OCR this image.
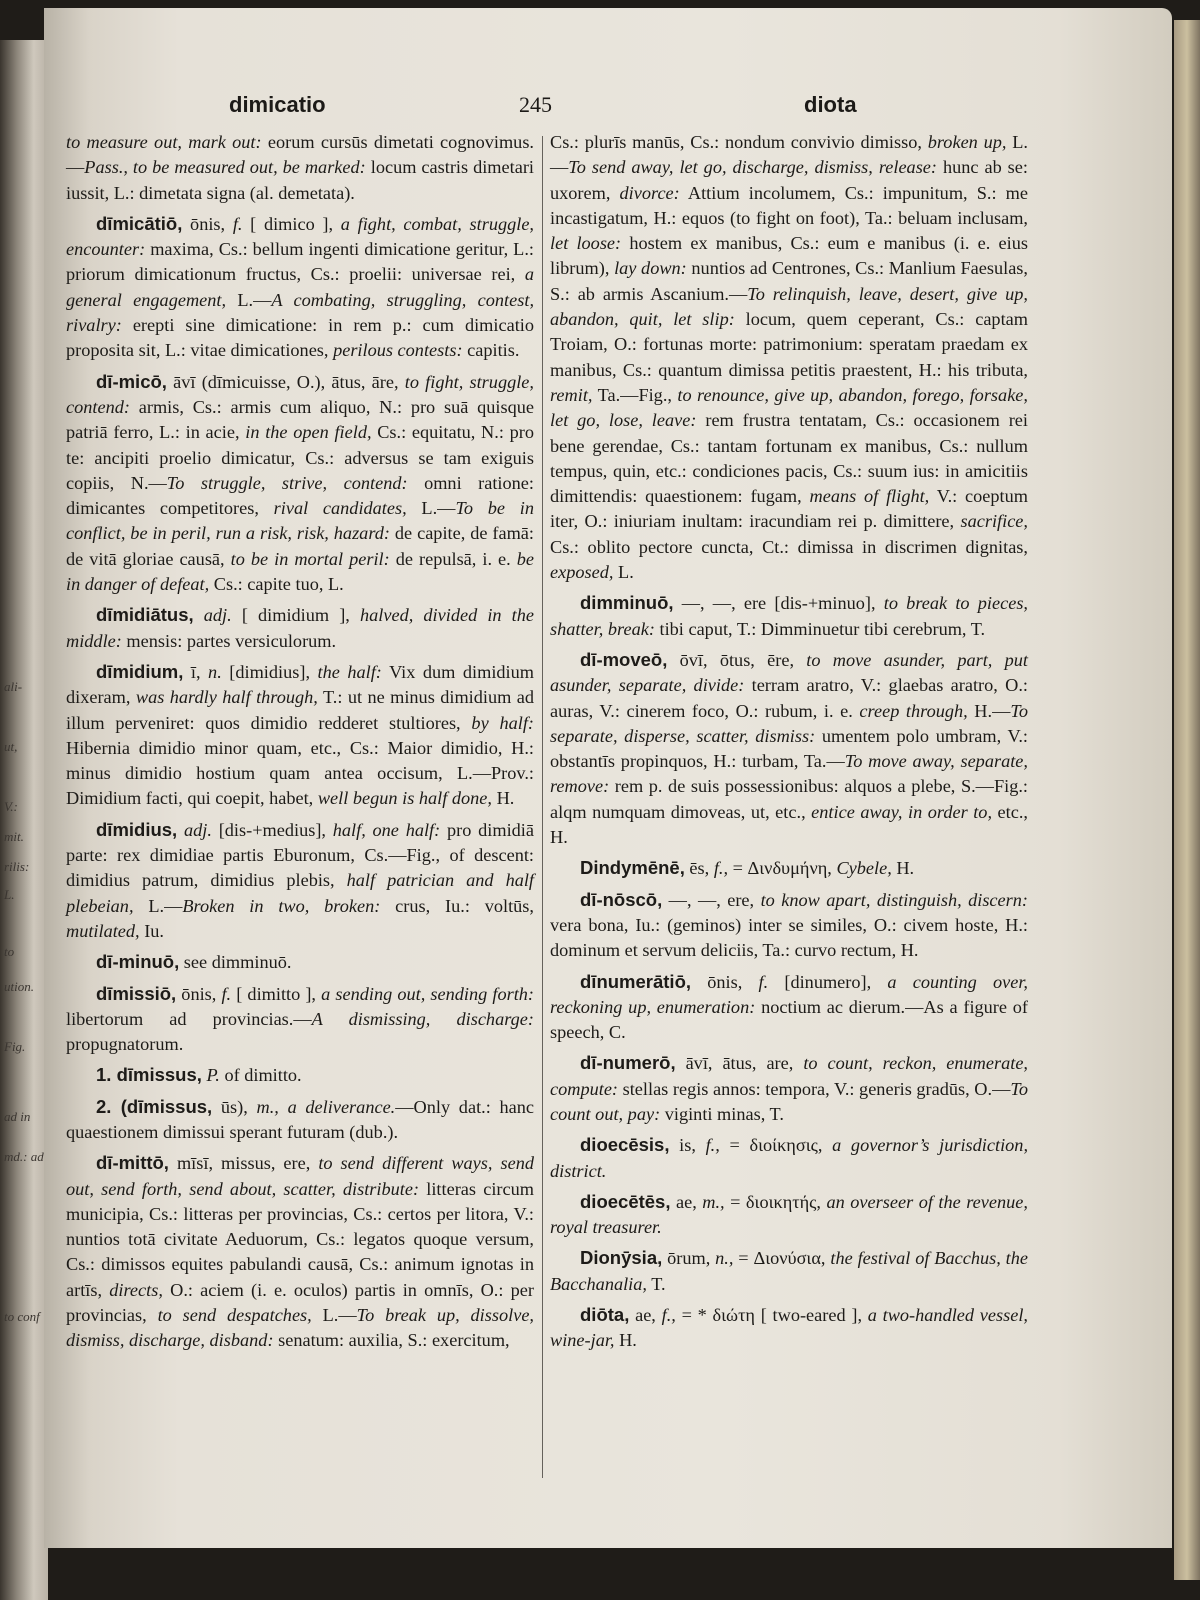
ali-
ut,
V.:
mit.
rilis:
L.
to
ution.
Fig.
ad in
md.: ad
to conf
dimicatio	245	diota

to measure out, mark out: eorum cursūs dimetati cognovimus.—Pass., to be measured out, be marked: locum castris dimetari iussit, L.: dimetata signa (al. demetata).

dīmicātiō, ōnis, f. [ dimico ], a fight, combat, struggle, encounter: maxima, Cs.: bellum ingenti dimicatione geritur, L.: priorum dimicationum fructus, Cs.: proelii: universae rei, a general engagement, L.—A combating, struggling, contest, rivalry: erepti sine dimicatione: in rem p.: cum dimicatio proposita sit, L.: vitae dimicationes, perilous contests: capitis.

dī-micō, āvī (dīmicuisse, O.), ātus, āre, to fight, struggle, contend: armis, Cs.: armis cum aliquo, N.: pro suā quisque patriā ferro, L.: in acie, in the open field, Cs.: equitatu, N.: pro te: ancipiti proelio dimicatur, Cs.: adversus se tam exiguis copiis, N.—To struggle, strive, contend: omni ratione: dimicantes competitores, rival candidates, L.—To be in conflict, be in peril, run a risk, risk, hazard: de capite, de famā: de vitā gloriae causā, to be in mortal peril: de repulsā, i. e. be in danger of defeat, Cs.: capite tuo, L.

dīmidiātus, adj. [ dimidium ], halved, divided in the middle: mensis: partes versiculorum.

dīmidium, ī, n. [dimidius], the half: Vix dum dimidium dixeram, was hardly half through, T.: ut ne minus dimidium ad illum perveniret: quos dimidio redderet stultiores, by half: Hibernia dimidio minor quam, etc., Cs.: Maior dimidio, H.: minus dimidio hostium quam antea occisum, L.—Prov.: Dimidium facti, qui coepit, habet, well begun is half done, H.

dīmidius, adj. [dis-+medius], half, one half: pro dimidiā parte: rex dimidiae partis Eburonum, Cs.—Fig., of descent: dimidius patrum, dimidius plebis, half patrician and half plebeian, L.—Broken in two, broken: crus, Iu.: voltūs, mutilated, Iu.

dī-minuō, see dimminuō.

dīmissiō, ōnis, f. [ dimitto ], a sending out, sending forth: libertorum ad provincias.—A dismissing, discharge: propugnatorum.

1. dīmissus, P. of dimitto.

2. (dīmissus, ūs), m., a deliverance.—Only dat.: hanc quaestionem dimissui sperant futuram (dub.).

dī-mittō, mīsī, missus, ere, to send different ways, send out, send forth, send about, scatter, distribute: litteras circum municipia, Cs.: litteras per provincias, Cs.: certos per litora, V.: nuntios totā civitate Aeduorum, Cs.: legatos quoque versum, Cs.: dimissos equites pabulandi causā, Cs.: animum ignotas in artīs, directs, O.: aciem (i. e. oculos) partis in omnīs, O.: per provincias, to send despatches, L.—To break up, dissolve, dismiss, discharge, disband: senatum: auxilia, S.: exercitum,

Cs.: plurīs manūs, Cs.: nondum convivio dimisso, broken up, L.—To send away, let go, discharge, dismiss, release: hunc ab se: uxorem, divorce: Attium incolumem, Cs.: impunitum, S.: me incastigatum, H.: equos (to fight on foot), Ta.: beluam inclusam, let loose: hostem ex manibus, Cs.: eum e manibus (i. e. eius librum), lay down: nuntios ad Centrones, Cs.: Manlium Faesulas, S.: ab armis Ascanium.—To relinquish, leave, desert, give up, abandon, quit, let slip: locum, quem ceperant, Cs.: captam Troiam, O.: fortunas morte: patrimonium: speratam praedam ex manibus, Cs.: quantum dimissa petitis praestent, H.: his tributa, remit, Ta.—Fig., to renounce, give up, abandon, forego, forsake, let go, lose, leave: rem frustra tentatam, Cs.: occasionem rei bene gerendae, Cs.: tantam fortunam ex manibus, Cs.: nullum tempus, quin, etc.: condiciones pacis, Cs.: suum ius: in amicitiis dimittendis: quaestionem: fugam, means of flight, V.: coeptum iter, O.: iniuriam inultam: iracundiam rei p. dimittere, sacrifice, Cs.: oblito pectore cuncta, Ct.: dimissa in discrimen dignitas, exposed, L.

dimminuō, —, —, ere [dis-+minuo], to break to pieces, shatter, break: tibi caput, T.: Dimminuetur tibi cerebrum, T.

dī-moveō, ōvī, ōtus, ēre, to move asunder, part, put asunder, separate, divide: terram aratro, V.: glaebas aratro, O.: auras, V.: cinerem foco, O.: rubum, i. e. creep through, H.—To separate, disperse, scatter, dismiss: umentem polo umbram, V.: obstantīs propinquos, H.: turbam, Ta.—To move away, separate, remove: rem p. de suis possessionibus: alquos a plebe, S.—Fig.: alqm numquam dimoveas, ut, etc., entice away, in order to, etc., H.

Dindymēnē, ēs, f., = Δινδυμήνη, Cybele, H.

dī-nōscō, —, —, ere, to know apart, distinguish, discern: vera bona, Iu.: (geminos) inter se similes, O.: civem hoste, H.: dominum et servum deliciis, Ta.: curvo rectum, H.

dīnumerātiō, ōnis, f. [dinumero], a counting over, reckoning up, enumeration: noctium ac dierum.—As a figure of speech, C.

dī-numerō, āvī, ātus, are, to count, reckon, enumerate, compute: stellas regis annos: tempora, V.: generis gradūs, O.—To count out, pay: viginti minas, T.

dioecēsis, is, f., = διοίκησις, a governor’s jurisdiction, district.

dioecētēs, ae, m., = διοικητής, an overseer of the revenue, royal treasurer.

Dionȳsia, ōrum, n., = Διονύσια, the festival of Bacchus, the Bacchanalia, T.

diōta, ae, f., = * διώτη [ two-eared ], a two-handled vessel, wine-jar, H.
